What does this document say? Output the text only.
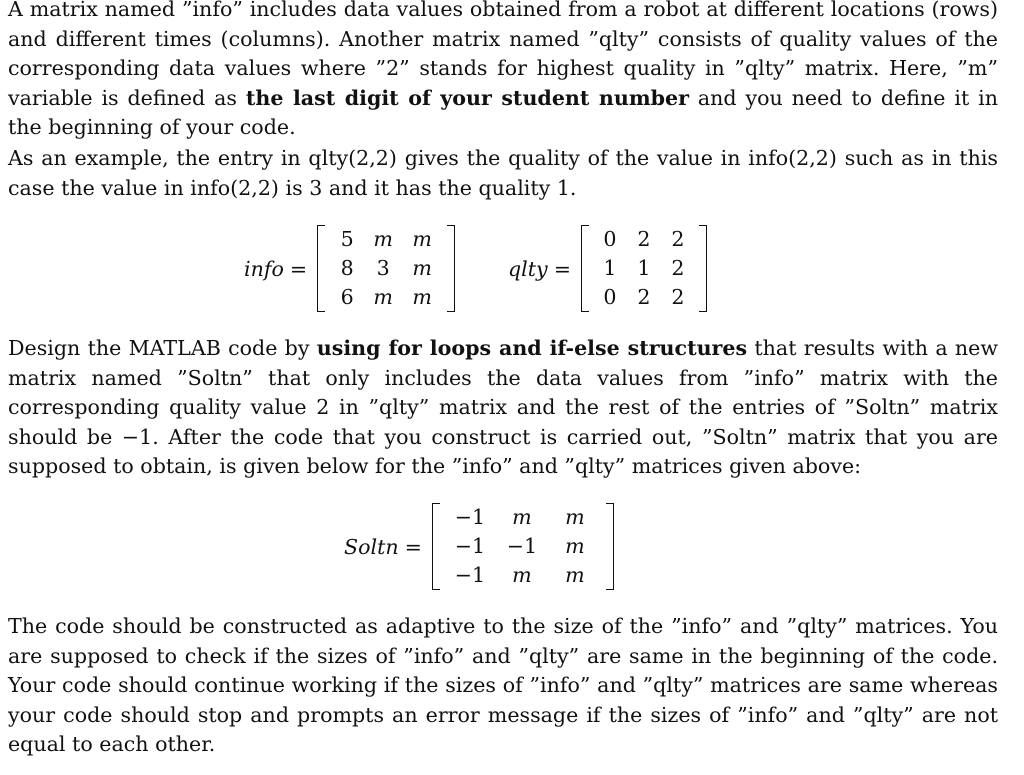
A matrix named ”info” includes data values obtained from a robot at different locations (rows) and different times (columns). Another matrix named ”qlty” consists of quality values of the corresponding data values where ”2” stands for highest quality in ”qlty” matrix. Here, ”m” variable is defined as the last digit of your student number and you need to define it in the beginning of your code.

As an example, the entry in qlty(2,2) gives the quality of the value in info(2,2) such as in this case the value in info(2,2) is 3 and it has the quality 1.

info =
5 m m
8	3	m
6 m m
qlty =
0	2	2
1	1	2
0	2	2

Design the MATLAB code by using for loops and if-else structures that results with a new matrix named ”Soltn” that only includes the data values from ”info” matrix with the corresponding quality value 2 in ”qlty” matrix and the rest of the entries of ”Soltn” matrix should be −1. After the code that you construct is carried out, ”Soltn” matrix that you are supposed to obtain, is given below for the ”info” and ”qlty” matrices given above:

Soltn =
−1	m	m
−1	−1	m
−1	m	m

The code should be constructed as adaptive to the size of the ”info” and ”qlty” matrices. You are supposed to check if the sizes of ”info” and ”qlty” are same in the beginning of the code. Your code should continue working if the sizes of ”info” and ”qlty” matrices are same whereas your code should stop and prompts an error message if the sizes of ”info” and ”qlty” are not equal to each other.
